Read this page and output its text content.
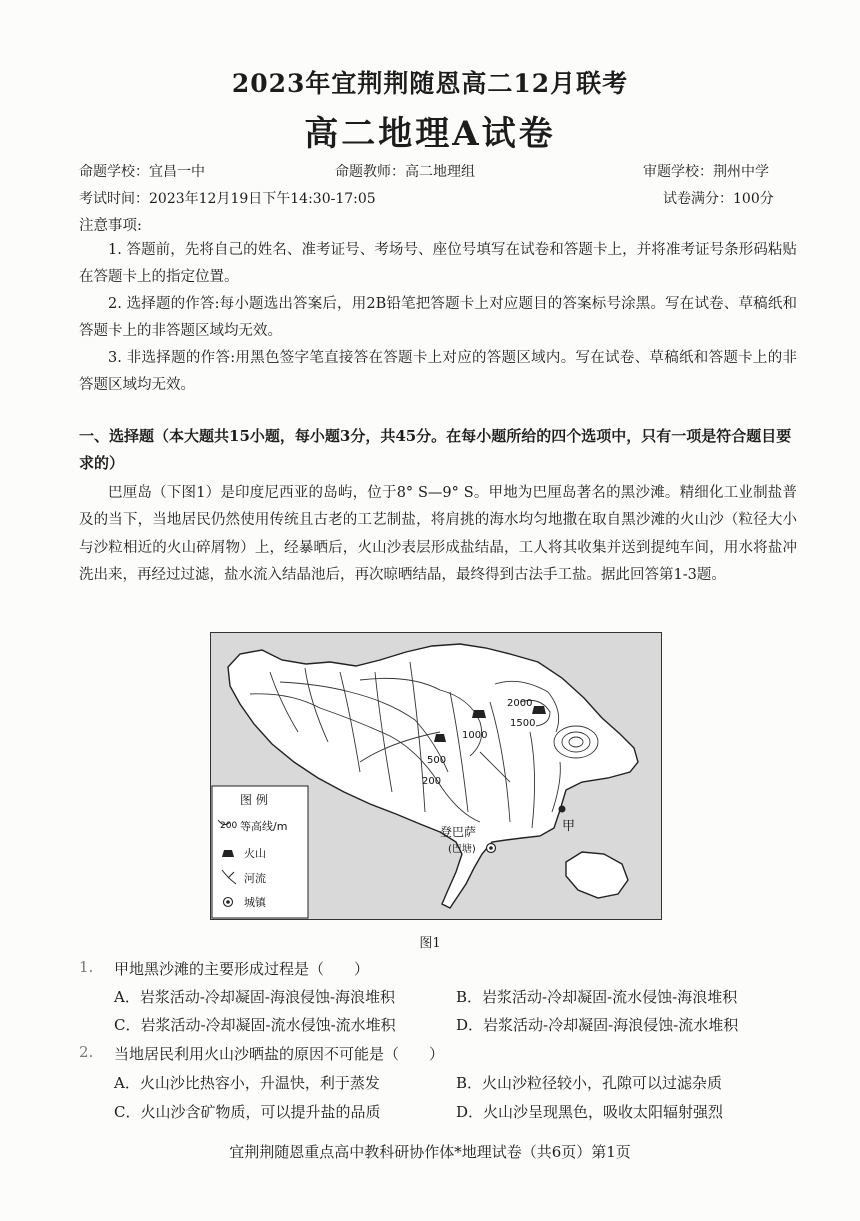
2023年宜荆荆随恩高二12月联考
高二地理A试卷
命题学校：宜昌一中	命题教师：高二地理组	审题学校：荆州中学
考试时间：2023年12月19日下午14:30-17:05	试卷满分：100分
注意事项:
1. 答题前，先将自己的姓名、准考证号、考场号、座位号填写在试卷和答题卡上，并将准考证号条形码粘贴在答题卡上的指定位置。
2. 选择题的作答:每小题选出答案后，用2B铅笔把答题卡上对应题目的答案标号涂黑。写在试卷、草稿纸和答题卡上的非答题区域均无效。
3. 非选择题的作答:用黑色签字笔直接答在答题卡上对应的答题区域内。写在试卷、草稿纸和答题卡上的非答题区域均无效。
一、选择题（本大题共15小题，每小题3分，共45分。在每小题所给的四个选项中，只有一项是符合题目要求的）
巴厘岛（下图1）是印度尼西亚的岛屿，位于8° S—9° S。甲地为巴厘岛著名的黑沙滩。精细化工业制盐普及的当下，当地居民仍然使用传统且古老的工艺制盐，将肩挑的海水均匀地撒在取自黑沙滩的火山沙（粒径大小与沙粒相近的火山碎屑物）上，经暴晒后，火山沙表层形成盐结晶，工人将其收集并送到提纯车间，用水将盐冲洗出来，再经过过滤，盐水流入结晶池后，再次晾晒结晶，最终得到古法手工盐。据此回答第1-3题。
2000
1500
1000
500
200
甲
登巴萨
(巴塘)
图 例
200 等高线/m
火山
河流
城镇
图1
1. 甲地黑沙滩的主要形成过程是（　　）
A．岩浆活动-冷却凝固-海浪侵蚀-海浪堆积	B．岩浆活动-冷却凝固-流水侵蚀-海浪堆积
C．岩浆活动-冷却凝固-流水侵蚀-流水堆积	D．岩浆活动-冷却凝固-海浪侵蚀-流水堆积
2. 当地居民利用火山沙晒盐的原因不可能是（　　）
A．火山沙比热容小，升温快，利于蒸发	B．火山沙粒径较小，孔隙可以过滤杂质
C．火山沙含矿物质，可以提升盐的品质	D．火山沙呈现黑色，吸收太阳辐射强烈
宜荆荆随恩重点高中教科研协作体*地理试卷（共6页）第1页
